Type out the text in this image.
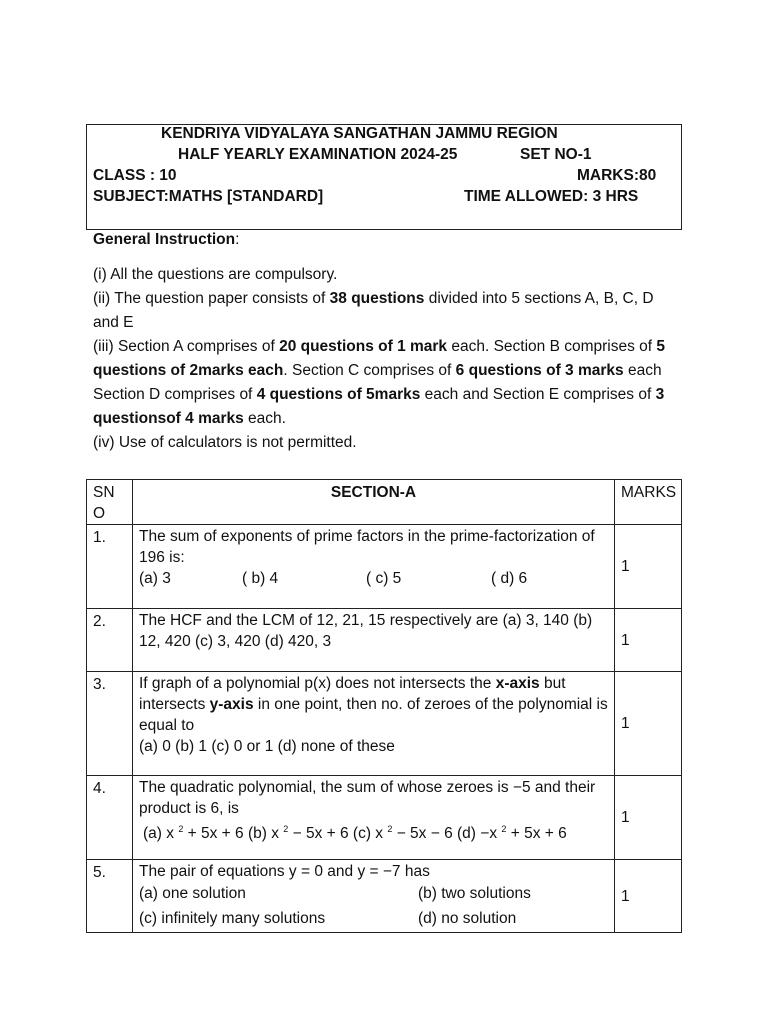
KENDRIYA VIDYALAYA SANGATHAN JAMMU REGION
HALF YEARLY EXAMINATION 2024-25	SET NO-1
CLASS : 10	MARKS:80
SUBJECT:MATHS [STANDARD]	TIME ALLOWED: 3 HRS

General Instruction:

(i) All the questions are compulsory.

(ii) The question paper consists of 38 questions divided into 5 sections A, B, C, D and E

(iii) Section A comprises of 20 questions of 1 mark each. Section B comprises of 5 questions of 2marks each. Section C comprises of 6 questions of 3 marks each Section D comprises of 4 questions of 5marks each and Section E comprises of 3 questionsof 4 marks each.

(iv) Use of calculators is not permitted.

SN O	SECTION-A	MARKS
1.	The sum of exponents of prime factors in the prime-factorization of 196 is:
(a) 3 ( b) 4 ( c) 5 ( d) 6	1
2.	The HCF and the LCM of 12, 21, 15 respectively are (a) 3, 140 (b) 12, 420 (c) 3, 420 (d) 420, 3	1
3.	If graph of a polynomial p(x) does not intersects the x-axis but intersects y-axis in one point, then no. of zeroes of the polynomial is equal to
(a) 0 (b) 1 (c) 0 or 1 (d) none of these	1
4.	The quadratic polynomial, the sum of whose zeroes is −5 and their product is 6, is
(a) x $^2$ + 5x + 6 (b) x $^2$ − 5x + 6 (c) x $^2$ − 5x − 6 (d) −x $^2$ + 5x + 6	1
5.	The pair of equations y = 0 and y = −7 has
(a) one solution (b) two solutions
(c) infinitely many solutions (d) no solution	1
